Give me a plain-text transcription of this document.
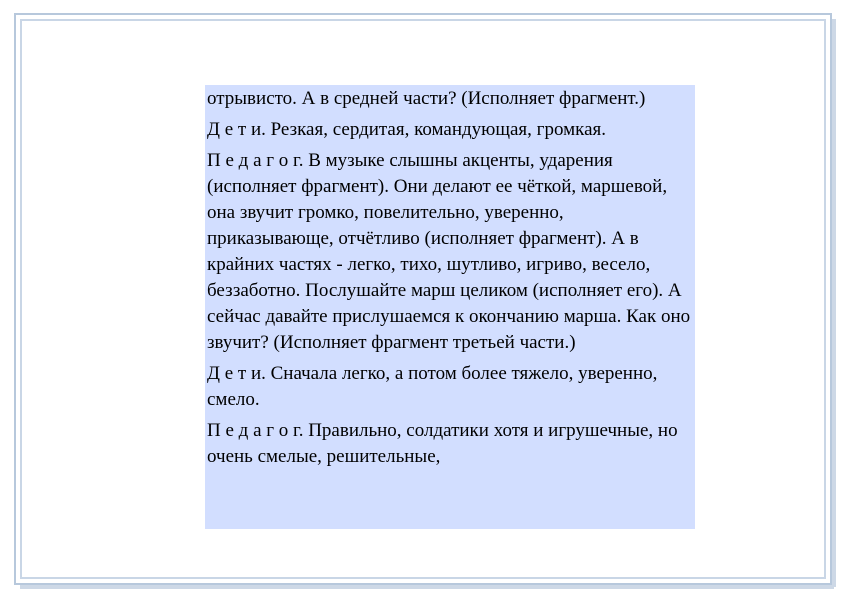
отрывисто. А в средней части? (Исполняет фрагмент.)

Д е т и. Резкая, сердитая, командующая, громкая.

П е д а г о г. В музыке слышны акценты, ударения (исполняет фрагмент). Они делают ее чёткой, маршевой, она звучит громко, повелительно, уверенно, приказывающе, отчётливо (исполняет фрагмент). А в крайних частях - легко, тихо, шутливо, игриво, весело, беззаботно. Послушайте марш целиком (исполняет его). А сейчас давайте прислушаемся к окончанию марша. Как оно звучит? (Исполняет фрагмент третьей части.)

Д е т и. Сначала легко, а потом более тяжело, уверенно, смело.

П е д а г о г. Правильно, солдатики хотя и игрушечные, но очень смелые, решительные,
